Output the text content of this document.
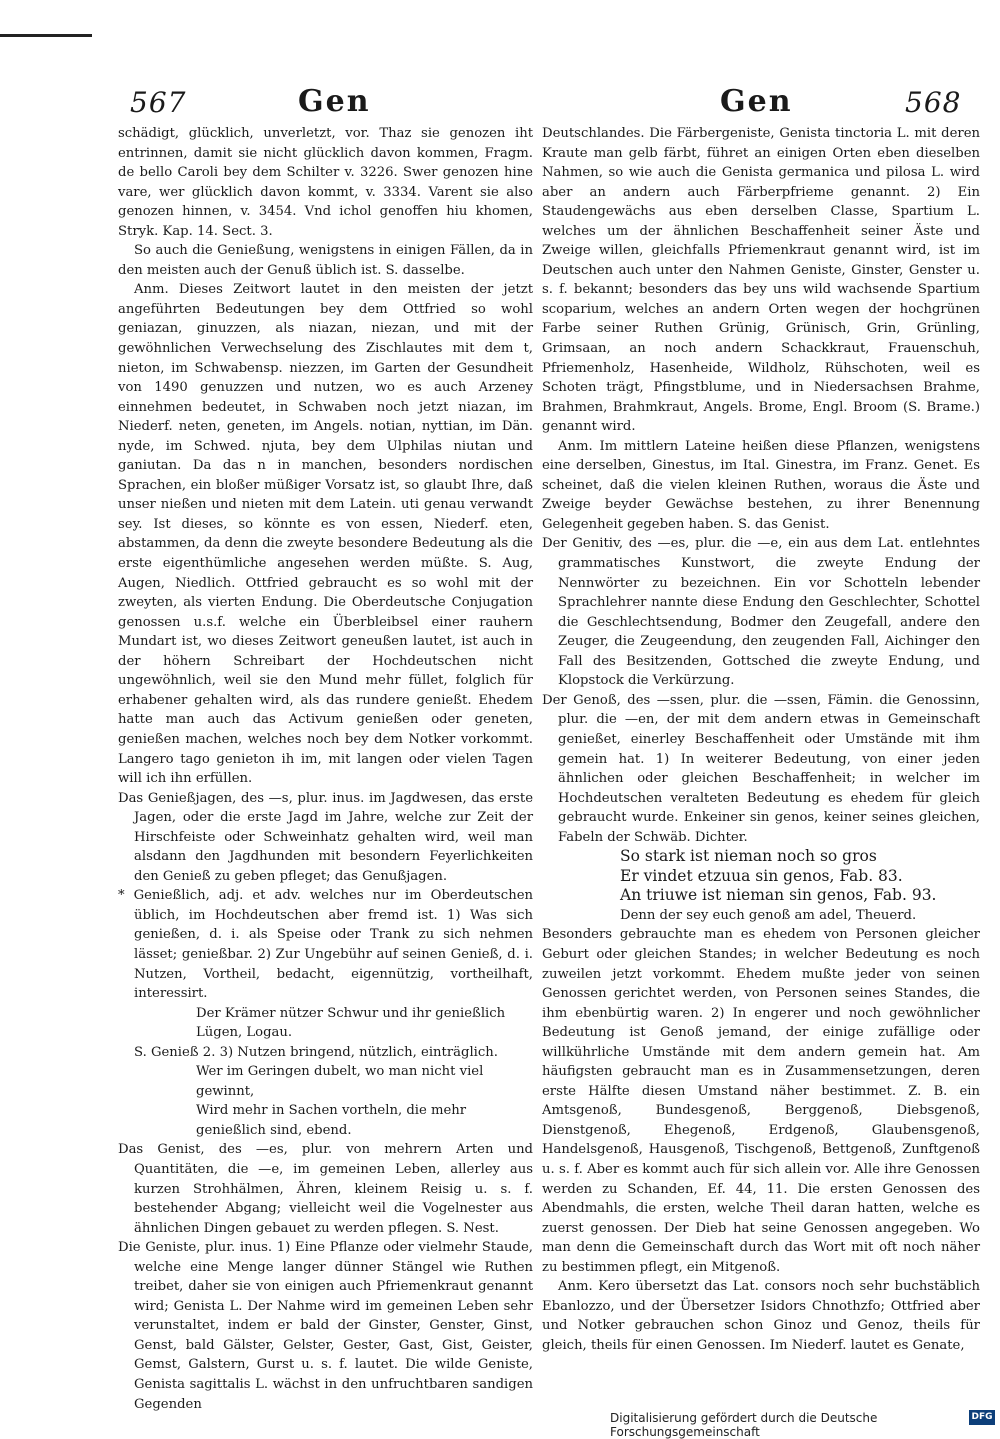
567	Gen	Gen	568

schädigt, glücklich, unverletzt, vor. Thaz sie genozen iht entrinnen, damit sie nicht glücklich davon kommen, Fragm. de bello Caroli bey dem Schilter v. 3226. Swer genozen hine vare, wer glücklich davon kommt, v. 3334. Varent sie also genozen hinnen, v. 3454. Vnd ichol genoffen hiu khomen, Stryk. Kap. 14. Sect. 3.

So auch die Genießung, wenigstens in einigen Fällen, da in den meisten auch der Genuß üblich ist. S. dasselbe.

Anm. Dieses Zeitwort lautet in den meisten der jetzt angeführten Bedeutungen bey dem Ottfried so wohl geniazan, ginuzzen, als niazan, niezan, und mit der gewöhnlichen Verwechselung des Zischlautes mit dem t, nieton, im Schwabensp. niezzen, im Garten der Gesundheit von 1490 genuzzen und nutzen, wo es auch Arzeney einnehmen bedeutet, in Schwaben noch jetzt niazan, im Niederf. neten, geneten, im Angels. notian, nyttian, im Dän. nyde, im Schwed. njuta, bey dem Ulphilas niutan und ganiutan. Da das n in manchen, besonders nordischen Sprachen, ein bloßer müßiger Vorsatz ist, so glaubt Ihre, daß unser nießen und nieten mit dem Latein. uti genau verwandt sey. Ist dieses, so könnte es von essen, Niederf. eten, abstammen, da denn die zweyte besondere Bedeutung als die erste eigenthümliche angesehen werden müßte. S. Aug, Augen, Niedlich. Ottfried gebraucht es so wohl mit der zweyten, als vierten Endung. Die Oberdeutsche Conjugation genossen u.s.f. welche ein Überbleibsel einer rauhern Mundart ist, wo dieses Zeitwort geneußen lautet, ist auch in der höhern Schreibart der Hochdeutschen nicht ungewöhnlich, weil sie den Mund mehr füllet, folglich für erhabener gehalten wird, als das rundere genießt. Ehedem hatte man auch das Activum genießen oder geneten, genießen machen, welches noch bey dem Notker vorkommt. Langero tago genieton ih im, mit langen oder vielen Tagen will ich ihn erfüllen.

Das Genießjagen, des —s, plur. inus. im Jagdwesen, das erste Jagen, oder die erste Jagd im Jahre, welche zur Zeit der Hirschfeiste oder Schweinhatz gehalten wird, weil man alsdann den Jagdhunden mit besondern Feyerlichkeiten den Genieß zu geben pfleget; das Genußjagen.

* Genießlich, adj. et adv. welches nur im Oberdeutschen üblich, im Hochdeutschen aber fremd ist. 1) Was sich genießen, d. i. als Speise oder Trank zu sich nehmen lässet; genießbar. 2) Zur Ungebühr auf seinen Genieß, d. i. Nutzen, Vortheil, bedacht, eigennützig, vortheilhaft, interessirt.

Der Krämer nützer Schwur und ihr genießlich Lügen, Logau.

S. Genieß 2. 3) Nutzen bringend, nützlich, einträglich.

Wer im Geringen dubelt, wo man nicht viel gewinnt,

Wird mehr in Sachen vortheln, die mehr genießlich sind, ebend.

Das Genist, des —es, plur. von mehrern Arten und Quantitäten, die —e, im gemeinen Leben, allerley aus kurzen Strohhälmen, Ähren, kleinem Reisig u. s. f. bestehender Abgang; vielleicht weil die Vogelnester aus ähnlichen Dingen gebauet zu werden pflegen. S. Nest.

Die Geniste, plur. inus. 1) Eine Pflanze oder vielmehr Staude, welche eine Menge langer dünner Stängel wie Ruthen treibet, daher sie von einigen auch Pfriemenkraut genannt wird; Genista L. Der Nahme wird im gemeinen Leben sehr verunstaltet, indem er bald der Ginster, Genster, Ginst, Genst, bald Gälster, Gelster, Gester, Gast, Gist, Geister, Gemst, Galstern, Gurst u. s. f. lautet. Die wilde Geniste, Genista sagittalis L. wächst in den unfruchtbaren sandigen Gegenden

Deutschlandes. Die Färbergeniste, Genista tinctoria L. mit deren Kraute man gelb färbt, führet an einigen Orten eben dieselben Nahmen, so wie auch die Genista germanica und pilosa L. wird aber an andern auch Färberpfrieme genannt. 2) Ein Staudengewächs aus eben derselben Classe, Spartium L. welches um der ähnlichen Beschaffenheit seiner Äste und Zweige willen, gleichfalls Pfriemenkraut genannt wird, ist im Deutschen auch unter den Nahmen Geniste, Ginster, Genster u. s. f. bekannt; besonders das bey uns wild wachsende Spartium scoparium, welches an andern Orten wegen der hochgrünen Farbe seiner Ruthen Grünig, Grünisch, Grin, Grünling, Grimsaan, an noch andern Schackkraut, Frauenschuh, Pfriemenholz, Hasenheide, Wildholz, Rühschoten, weil es Schoten trägt, Pfingstblume, und in Niedersachsen Brahme, Brahmen, Brahmkraut, Angels. Brome, Engl. Broom (S. Brame.) genannt wird.

Anm. Im mittlern Lateine heißen diese Pflanzen, wenigstens eine derselben, Ginestus, im Ital. Ginestra, im Franz. Genet. Es scheinet, daß die vielen kleinen Ruthen, woraus die Äste und Zweige beyder Gewächse bestehen, zu ihrer Benennung Gelegenheit gegeben haben. S. das Genist.

Der Genitiv, des —es, plur. die —e, ein aus dem Lat. entlehntes grammatisches Kunstwort, die zweyte Endung der Nennwörter zu bezeichnen. Ein vor Schotteln lebender Sprachlehrer nannte diese Endung den Geschlechter, Schottel die Geschlechtsendung, Bodmer den Zeugefall, andere den Zeuger, die Zeugeendung, den zeugenden Fall, Aichinger den Fall des Besitzenden, Gottsched die zweyte Endung, und Klopstock die Verkürzung.

Der Genoß, des —ssen, plur. die —ssen, Fämin. die Genossinn, plur. die —en, der mit dem andern etwas in Gemeinschaft genießet, einerley Beschaffenheit oder Umstände mit ihm gemein hat. 1) In weiterer Bedeutung, von einer jeden ähnlichen oder gleichen Beschaffenheit; in welcher im Hochdeutschen veralteten Bedeutung es ehedem für gleich gebraucht wurde. Enkeiner sin genos, keiner seines gleichen, Fabeln der Schwäb. Dichter.

So stark ist nieman noch so gros

Er vindet etzuua sin genos, Fab. 83.

An triuwe ist nieman sin genos, Fab. 93.

Denn der sey euch genoß am adel, Theuerd.

Besonders gebrauchte man es ehedem von Personen gleicher Geburt oder gleichen Standes; in welcher Bedeutung es noch zuweilen jetzt vorkommt. Ehedem mußte jeder von seinen Genossen gerichtet werden, von Personen seines Standes, die ihm ebenbürtig waren. 2) In engerer und noch gewöhnlicher Bedeutung ist Genoß jemand, der einige zufällige oder willkührliche Umstände mit dem andern gemein hat. Am häufigsten gebraucht man es in Zusammensetzungen, deren erste Hälfte diesen Umstand näher bestimmet. Z. B. ein Amtsgenoß, Bundesgenoß, Berggenoß, Diebsgenoß, Dienstgenoß, Ehegenoß, Erdgenoß, Glaubensgenoß, Handelsgenoß, Hausgenoß, Tischgenoß, Bettgenoß, Zunftgenoß u. s. f. Aber es kommt auch für sich allein vor. Alle ihre Genossen werden zu Schanden, Ef. 44, 11. Die ersten Genossen des Abendmahls, die ersten, welche Theil daran hatten, welche es zuerst genossen. Der Dieb hat seine Genossen angegeben. Wo man denn die Gemeinschaft durch das Wort mit oft noch näher zu bestimmen pflegt, ein Mitgenoß.

Anm. Kero übersetzt das Lat. consors noch sehr buchstäblich Ebanlozzo, und der Übersetzer Isidors Chnothzfo; Ottfried aber und Notker gebrauchen schon Ginoz und Genoz, theils für gleich, theils für einen Genossen. Im Niederf. lautet es Genate,

Digitalisierung gefördert durch die Deutsche Forschungsgemeinschaft
DFG
